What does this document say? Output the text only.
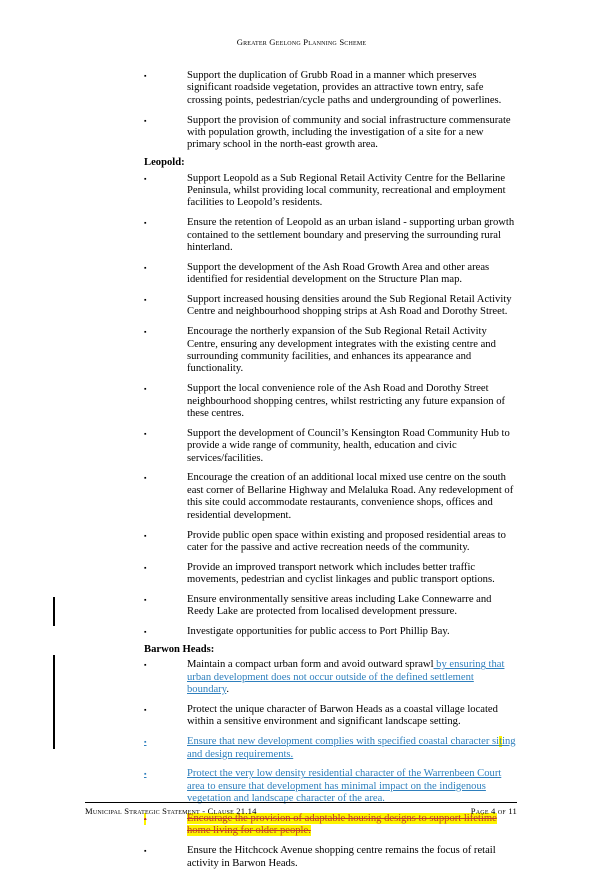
Greater Geelong Planning Scheme
▪	Support the duplication of Grubb Road in a manner which preserves significant roadside vegetation, provides an attractive town entry, safe crossing points, pedestrian/cycle paths and undergrounding of powerlines.
▪	Support the provision of community and social infrastructure commensurate with population growth, including the investigation of a site for a new primary school in the north-east growth area.
Leopold:
▪	Support Leopold as a Sub Regional Retail Activity Centre for the Bellarine Peninsula, whilst providing local community, recreational and employment facilities to Leopold’s residents.
▪	Ensure the retention of Leopold as an urban island - supporting urban growth contained to the settlement boundary and preserving the surrounding rural hinterland.
▪	Support the development of the Ash Road Growth Area and other areas identified for residential development on the Structure Plan map.
▪	Support increased housing densities around the Sub Regional Retail Activity Centre and neighbourhood shopping strips at Ash Road and Dorothy Street.
▪	Encourage the northerly expansion of the Sub Regional Retail Activity Centre, ensuring any development integrates with the existing centre and surrounding community facilities, and enhances its appearance and functionality.
▪	Support the local convenience role of the Ash Road and Dorothy Street neighbourhood shopping centres, whilst restricting any future expansion of these centres.
▪	Support the development of Council’s Kensington Road Community Hub to provide a wide range of community, health, education and civic services/facilities.
▪	Encourage the creation of an additional local mixed use centre on the south east corner of Bellarine Highway and Melaluka Road. Any redevelopment of this site could accommodate restaurants, convenience shops, offices and residential development.
▪	Provide public open space within existing and proposed residential areas to cater for the passive and active recreation needs of the community.
▪	Provide an improved transport network which includes better traffic movements, pedestrian and cyclist linkages and public transport options.
▪	Ensure environmentally sensitive areas including Lake Connewarre and Reedy Lake are protected from localised development pressure.
▪	Investigate opportunities for public access to Port Phillip Bay.
Barwon Heads:
▪	Maintain a compact urban form and avoid outward sprawl by ensuring that urban development does not occur outside of the defined settlement boundary.
▪	Protect the unique character of Barwon Heads as a coastal village located within a sensitive environment and significant landscape setting.
▪	Ensure that new development complies with specified coastal character siting and design requirements.
▪	Protect the very low density residential character of the Warrenbeen Court area to ensure that development has minimal impact on the indigenous vegetation and landscape character of the area.
▪	Encourage the provision of adaptable housing designs to support lifetime home living for older people.
▪	Ensure the Hitchcock Avenue shopping centre remains the focus of retail activity in Barwon Heads.
Municipal Strategic Statement - Clause 21.14	Page 4 of 11
